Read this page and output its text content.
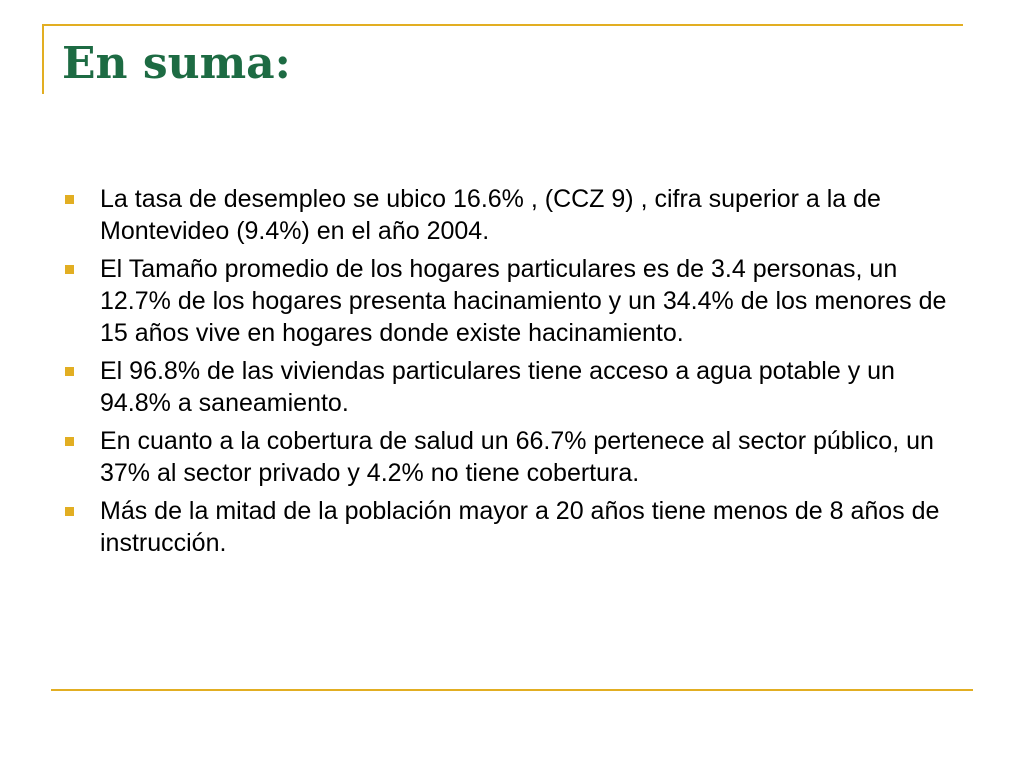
En suma:
La tasa de desempleo se ubico 16.6% , (CCZ 9) , cifra superior a la de Montevideo (9.4%) en el año 2004.
El Tamaño promedio de los hogares particulares es de 3.4 personas, un 12.7% de los hogares presenta hacinamiento y un 34.4% de los menores de 15 años vive en hogares donde existe hacinamiento.
El 96.8% de las viviendas particulares tiene acceso a agua potable y un 94.8% a saneamiento.
En cuanto a la cobertura de salud un 66.7% pertenece al sector público, un 37% al sector privado y 4.2% no tiene cobertura.
Más de la mitad de la población mayor a 20 años tiene menos de 8 años de instrucción.
